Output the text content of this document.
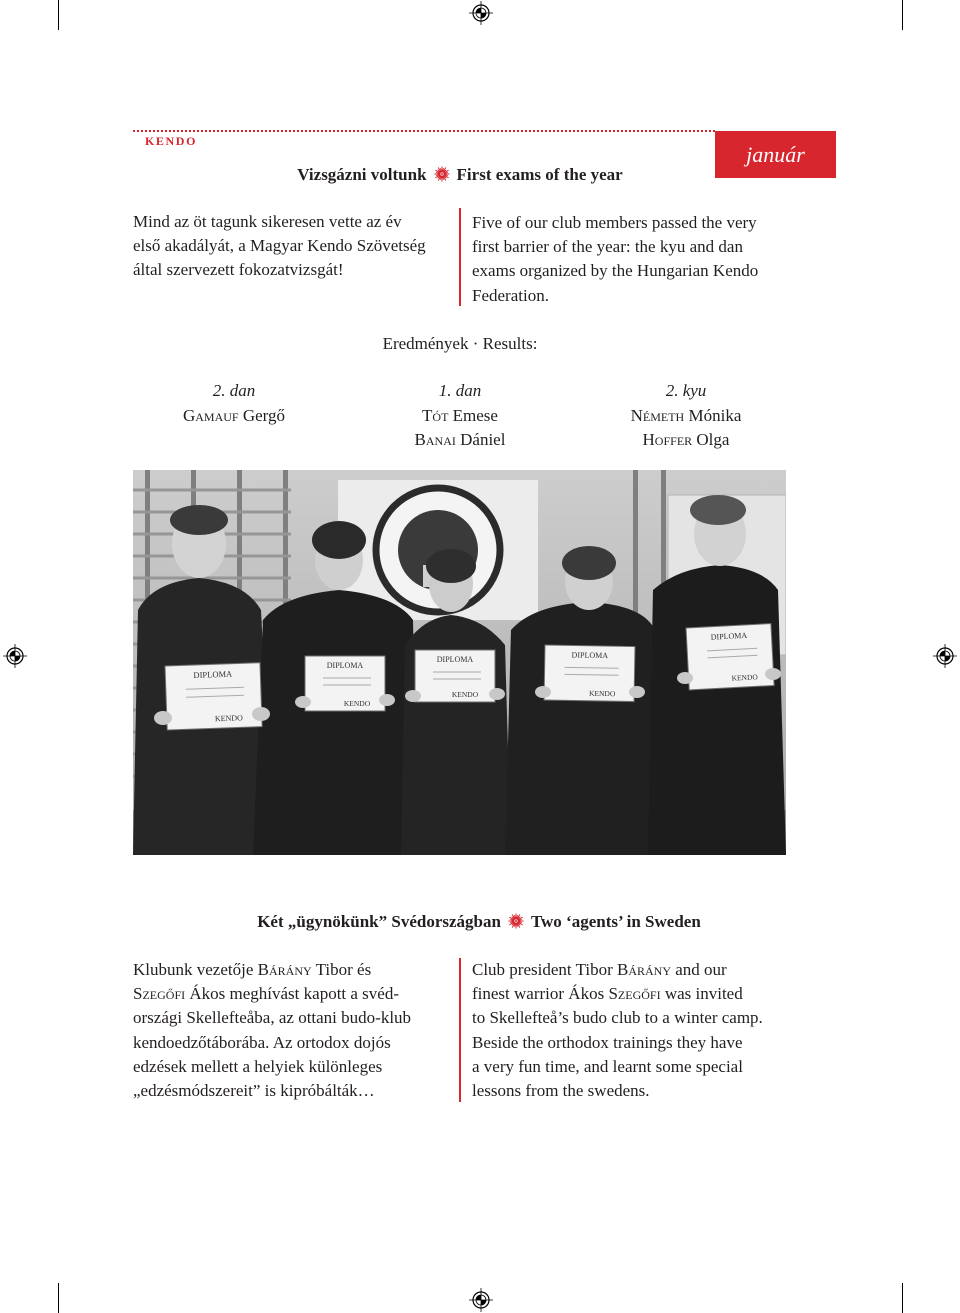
KENDO
január
Vizsgázni voltunk First exams of the year
Mind az öt tagunk sikeresen vette az év
első akadályát, a Magyar Kendo Szövetség
által szervezett fokozatvizsgát!
Five of our club members passed the very
first barrier of the year: the kyu and dan
exams organized by the Hungarian Kendo
Federation.
Eredmények · Results:
2. dan
Gamauf Gergő
1. dan
Tót Emese
Banai Dániel
2. kyu
Németh Mónika
Hoffer Olga
DIPLOMA
KENDO
DIPLOMA
KENDO
DIPLOMA
KENDO
DIPLOMA
KENDO
DIPLOMA
KENDO
Két „ügynökünk” Svédországban Two ‘agents’ in Sweden
Klubunk vezetője Bárány Tibor és
Szegőfi Ákos meghívást kapott a svéd-
országi Skellefteåba, az ottani budo-klub
kendoedzőtáborába. Az ortodox dojós
edzések mellett a helyiek különleges
„edzésmódszereit” is kipróbálták…
Club president Tibor Bárány and our
finest warrior Ákos Szegőfi was invited
to Skellefteå’s budo club to a winter camp.
Beside the orthodox trainings they have
a very fun time, and learnt some special
lessons from the swedens.
